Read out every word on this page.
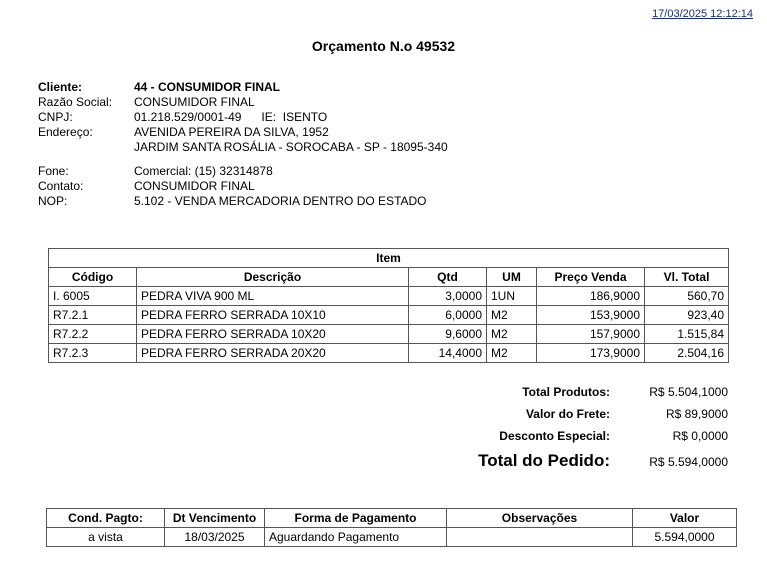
17/03/2025 12:12:14
Orçamento N.o 49532
Cliente:	44 - CONSUMIDOR FINAL
Razão Social:	CONSUMIDOR FINAL
CNPJ:	01.218.529/0001-49      IE:  ISENTO
Endereço:	AVENIDA PEREIRA DA SILVA, 1952
JARDIM SANTA ROSÁLIA - SOROCABA - SP - 18095-340
Fone:	Comercial: (15) 32314878
Contato:	CONSUMIDOR FINAL
NOP:	5.102 - VENDA MERCADORIA DENTRO DO ESTADO
Item					
Código	Descrição	Qtd	UM	Preço Venda	Vl. Total
I. 6005	PEDRA VIVA 900 ML	3,0000	1UN	186,9000	560,70
R7.2.1	PEDRA FERRO SERRADA 10X10	6,0000	M2	153,9000	923,40
R7.2.2	PEDRA FERRO SERRADA 10X20	9,6000	M2	157,9000	1.515,84
R7.2.3	PEDRA FERRO SERRADA 20X20	14,4000	M2	173,9000	2.504,16
Total Produtos:	R$ 5.504,1000
Valor do Frete:	R$ 89,9000
Desconto Especial:	R$ 0,0000
Total do Pedido:	R$ 5.594,0000
Cond. Pagto:	Dt Vencimento	Forma de Pagamento	Observações	Valor
a vista	18/03/2025	Aguardando Pagamento		5.594,0000
